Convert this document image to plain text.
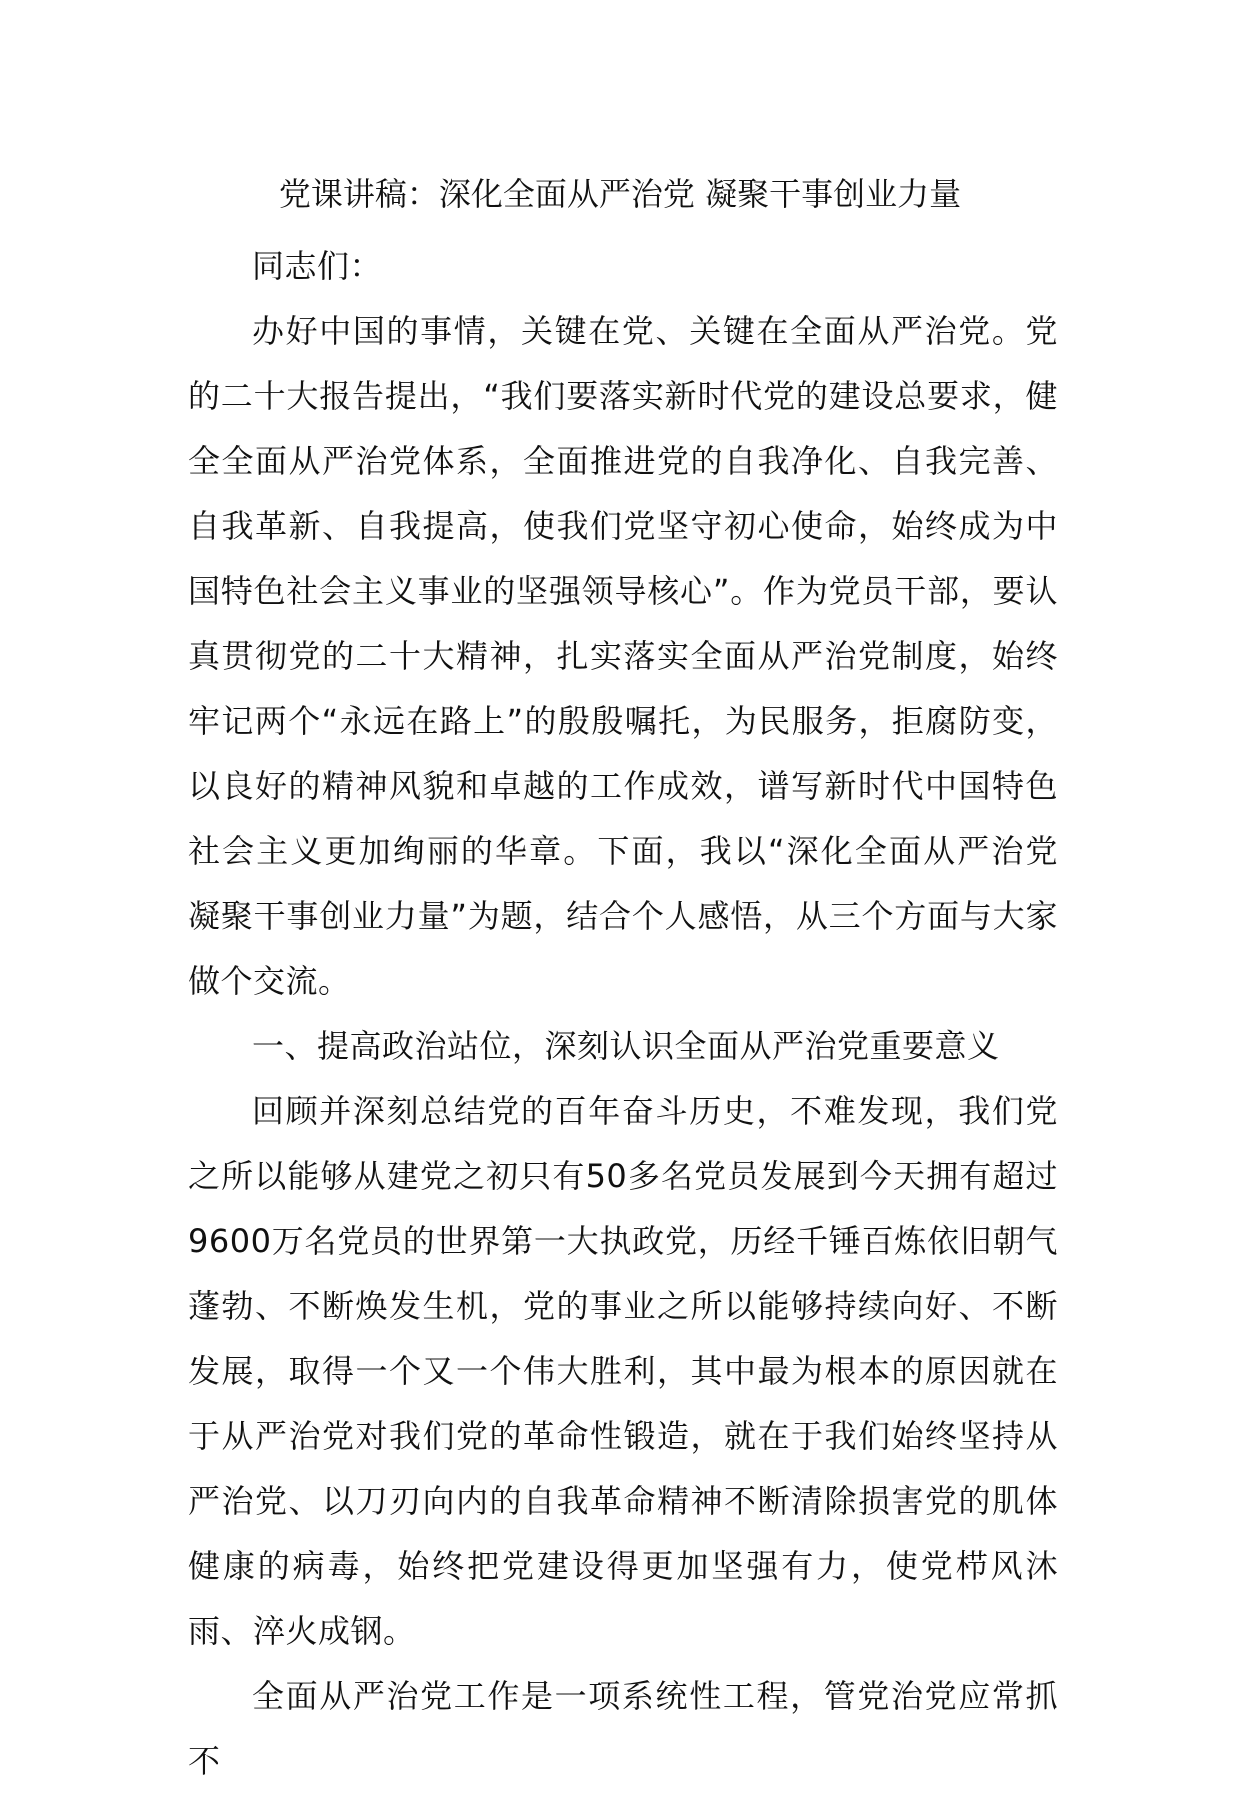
党课讲稿：深化全面从严治党 凝聚干事创业力量

同志们：

办好中国的事情，关键在党、关键在全面从严治党。党的二十大报告提出，“我们要落实新时代党的建设总要求，健全全面从严治党体系，全面推进党的自我净化、自我完善、自我革新、自我提高，使我们党坚守初心使命，始终成为中国特色社会主义事业的坚强领导核心”。作为党员干部，要认真贯彻党的二十大精神，扎实落实全面从严治党制度，始终牢记两个“永远在路上”的殷殷嘱托，为民服务，拒腐防变，以良好的精神风貌和卓越的工作成效，谱写新时代中国特色社会主义更加绚丽的华章。下面，我以“深化全面从严治党 凝聚干事创业力量”为题，结合个人感悟，从三个方面与大家做个交流。

一、提高政治站位，深刻认识全面从严治党重要意义

回顾并深刻总结党的百年奋斗历史，不难发现，我们党之所以能够从建党之初只有50多名党员发展到今天拥有超过9600万名党员的世界第一大执政党，历经千锤百炼依旧朝气蓬勃、不断焕发生机，党的事业之所以能够持续向好、不断发展，取得一个又一个伟大胜利，其中最为根本的原因就在于从严治党对我们党的革命性锻造，就在于我们始终坚持从严治党、以刀刃向内的自我革命精神不断清除损害党的肌体健康的病毒，始终把党建设得更加坚强有力，使党栉风沐雨、淬火成钢。

全面从严治党工作是一项系统性工程，管党治党应常抓不
